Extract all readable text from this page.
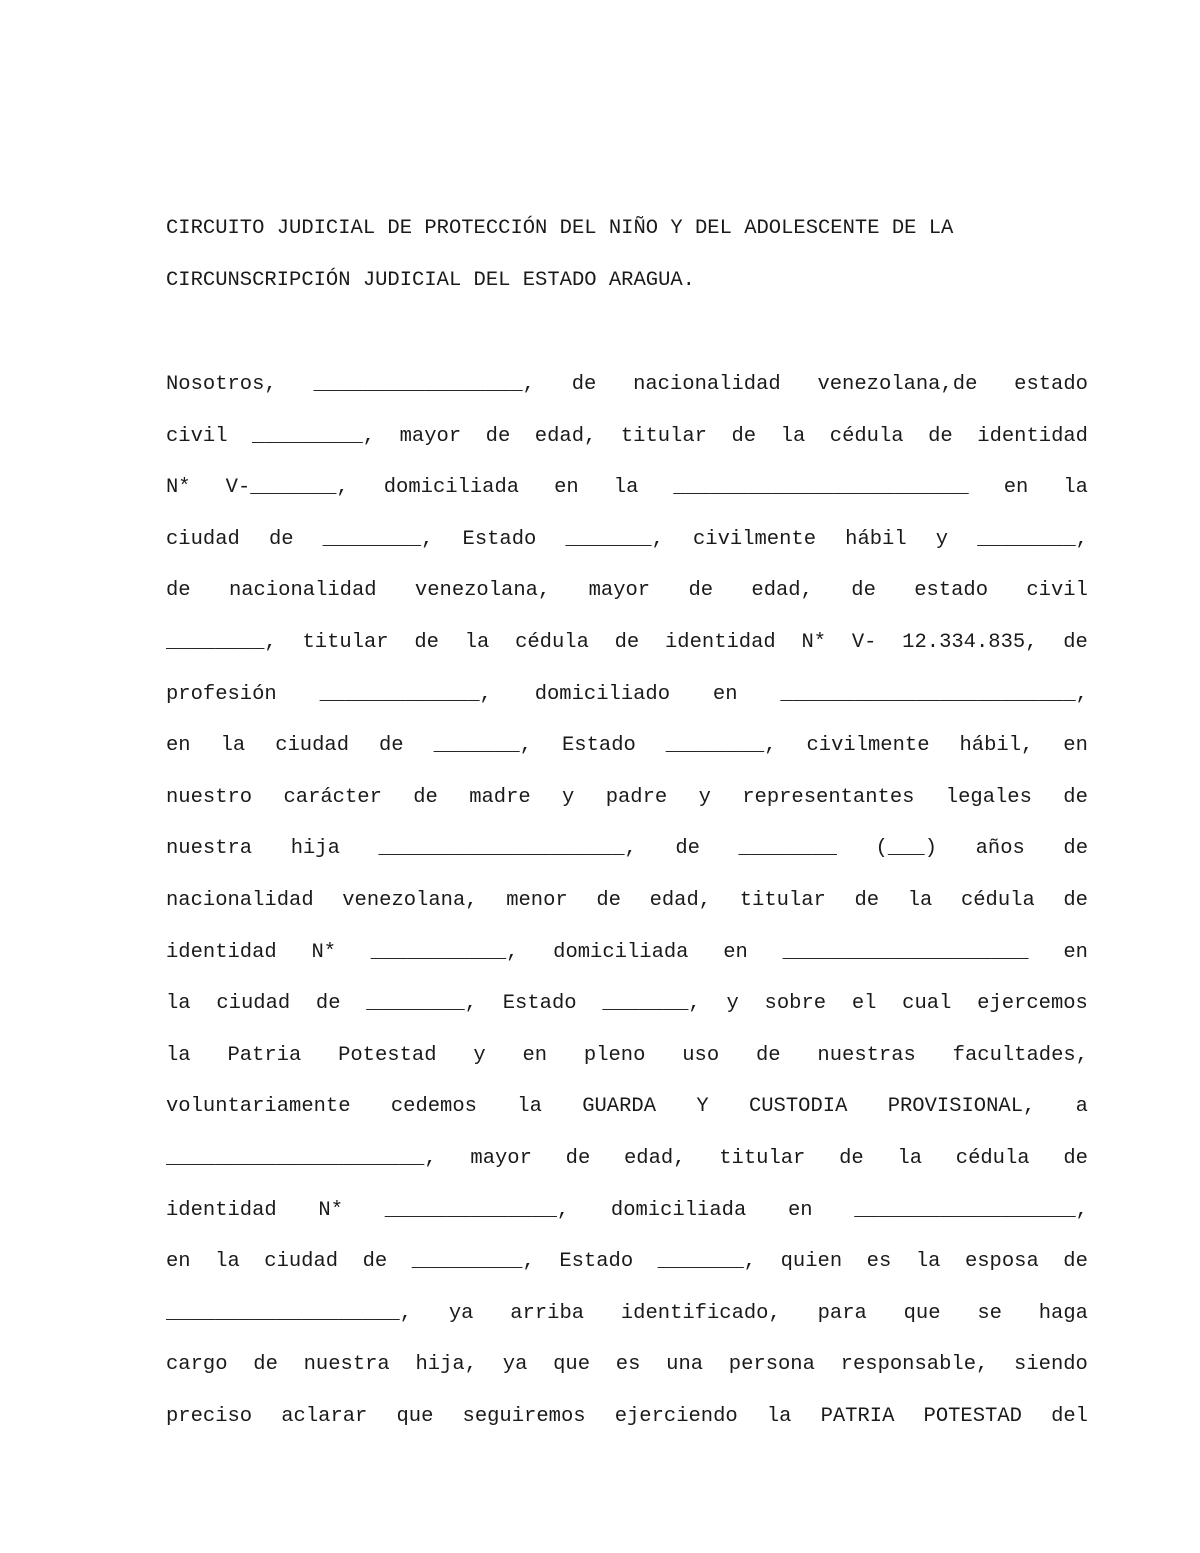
CIRCUITO JUDICIAL DE PROTECCIÓN DEL NIÑO Y DEL ADOLESCENTE DE LA
CIRCUNSCRIPCIÓN JUDICIAL DEL ESTADO ARAGUA.
Nosotros, _________________, de nacionalidad venezolana,de estado
civil _________, mayor de edad, titular de la cédula de identidad
N* V-_______, domiciliada en la ________________________ en la
ciudad de ________, Estado _______, civilmente hábil y ________,
de nacionalidad venezolana, mayor de edad, de estado civil
________, titular de la cédula de identidad N* V- 12.334.835, de
profesión _____________, domiciliado en ________________________,
en la ciudad de _______, Estado ________, civilmente hábil, en
nuestro carácter de madre y padre y representantes legales de
nuestra hija ____________________, de ________ (___) años de
nacionalidad venezolana, menor de edad, titular de la cédula de
identidad N* ___________, domiciliada en ____________________ en
la ciudad de ________, Estado _______, y sobre el cual ejercemos
la Patria Potestad y en pleno uso de nuestras facultades,
voluntariamente cedemos la GUARDA Y CUSTODIA PROVISIONAL, a
_____________________, mayor de edad, titular de la cédula de
identidad N* ______________, domiciliada en __________________,
en la ciudad de _________, Estado _______, quien es la esposa de
___________________, ya arriba identificado, para que se haga
cargo de nuestra hija, ya que es una persona responsable, siendo
preciso aclarar que seguiremos ejerciendo la PATRIA POTESTAD del
